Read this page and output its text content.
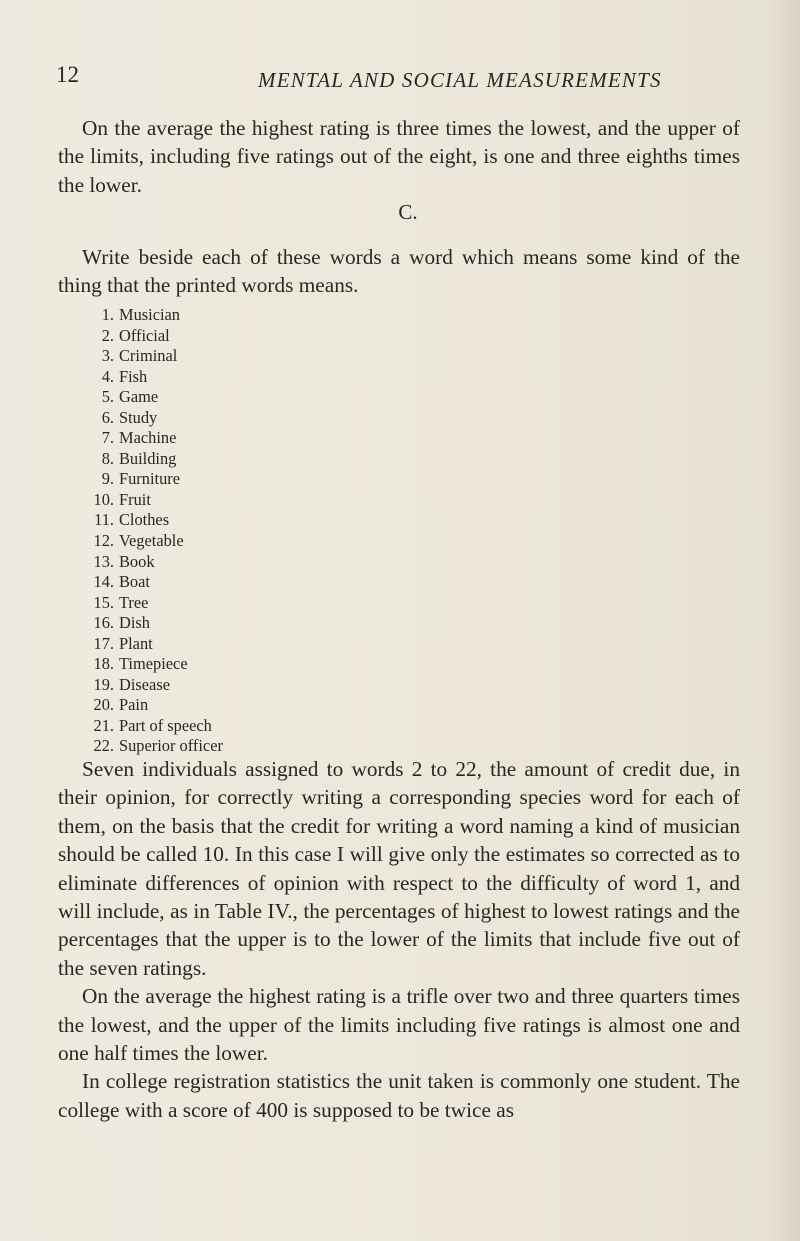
12	MENTAL AND SOCIAL MEASUREMENTS

On the average the highest rating is three times the lowest, and the upper of the limits, including five ratings out of the eight, is one and three eighths times the lower.

C.

Write beside each of these words a word which means some kind of the thing that the printed words means.

1. Musician
2. Official
3. Criminal
4. Fish
5. Game
6. Study
7. Machine
8. Building
9. Furniture
10. Fruit
11. Clothes
12. Vegetable
13. Book
14. Boat
15. Tree
16. Dish
17. Plant
18. Timepiece
19. Disease
20. Pain
21. Part of speech
22. Superior officer

Seven individuals assigned to words 2 to 22, the amount of credit due, in their opinion, for correctly writing a corresponding species word for each of them, on the basis that the credit for writing a word naming a kind of musician should be called 10. In this case I will give only the estimates so corrected as to eliminate differences of opinion with respect to the difficulty of word 1, and will include, as in Table IV., the percentages of highest to lowest ratings and the percentages that the upper is to the lower of the limits that include five out of the seven ratings.

On the average the highest rating is a trifle over two and three quarters times the lowest, and the upper of the limits including five ratings is almost one and one half times the lower.

In college registration statistics the unit taken is commonly one student. The college with a score of 400 is supposed to be twice as
